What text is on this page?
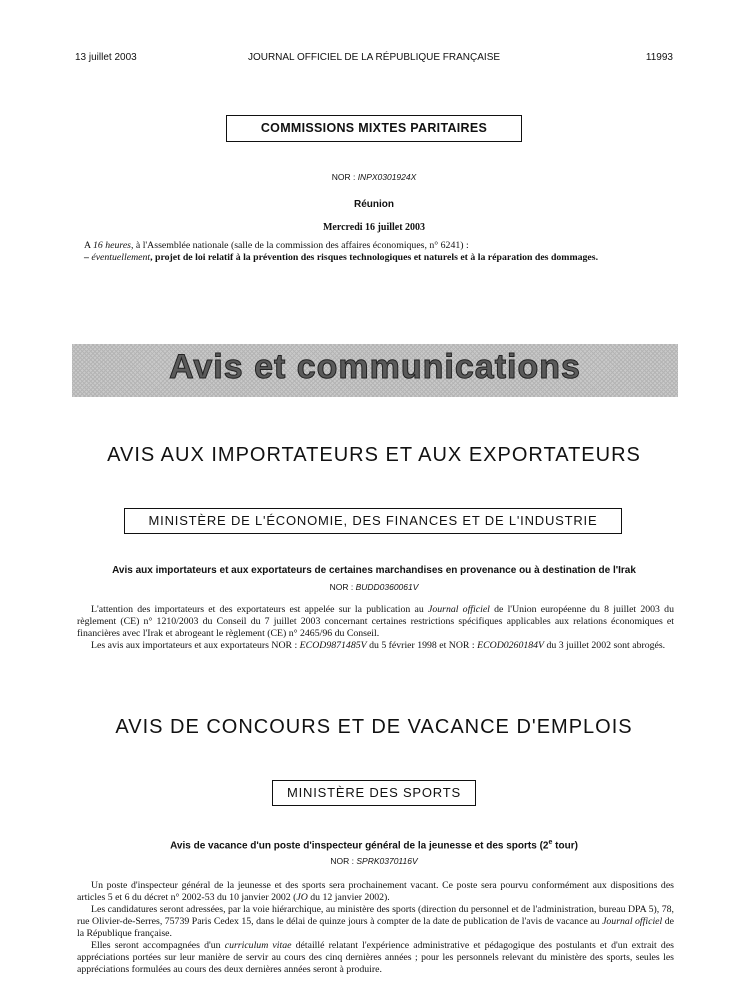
13 juillet 2003	JOURNAL OFFICIEL DE LA RÉPUBLIQUE FRANÇAISE	11993
COMMISSIONS MIXTES PARITAIRES
NOR : INPX0301924X
Réunion
Mercredi 16 juillet 2003
A 16 heures, à l'Assemblée nationale (salle de la commission des affaires économiques, n° 6241) :
– éventuellement, projet de loi relatif à la prévention des risques technologiques et naturels et à la réparation des dommages.
Avis et communications
AVIS AUX IMPORTATEURS ET AUX EXPORTATEURS
MINISTÈRE DE L'ÉCONOMIE, DES FINANCES ET DE L'INDUSTRIE
Avis aux importateurs et aux exportateurs de certaines marchandises en provenance ou à destination de l'Irak
NOR : BUDD0360061V
L'attention des importateurs et des exportateurs est appelée sur la publication au Journal officiel de l'Union européenne du 8 juillet 2003 du règlement (CE) n° 1210/2003 du Conseil du 7 juillet 2003 concernant certaines restrictions spécifiques applicables aux relations économiques et financières avec l'Irak et abrogeant le règlement (CE) n° 2465/96 du Conseil.
Les avis aux importateurs et aux exportateurs NOR : ECOD9871485V du 5 février 1998 et NOR : ECOD0260184V du 3 juillet 2002 sont abrogés.
AVIS DE CONCOURS ET DE VACANCE D'EMPLOIS
MINISTÈRE DES SPORTS
Avis de vacance d'un poste d'inspecteur général de la jeunesse et des sports (2e tour)
NOR : SPRK0370116V
Un poste d'inspecteur général de la jeunesse et des sports sera prochainement vacant. Ce poste sera pourvu conformément aux dispositions des articles 5 et 6 du décret n° 2002-53 du 10 janvier 2002 (JO du 12 janvier 2002).
Les candidatures seront adressées, par la voie hiérarchique, au ministère des sports (direction du personnel et de l'administration, bureau DPA 5), 78, rue Olivier-de-Serres, 75739 Paris Cedex 15, dans le délai de quinze jours à compter de la date de publication de l'avis de vacance au Journal officiel de la République française.
Elles seront accompagnées d'un curriculum vitae détaillé relatant l'expérience administrative et pédagogique des postulants et d'un extrait des appréciations portées sur leur manière de servir au cours des cinq dernières années ; pour les personnels relevant du ministère des sports, seules les appréciations formulées au cours des deux dernières années seront à produire.
